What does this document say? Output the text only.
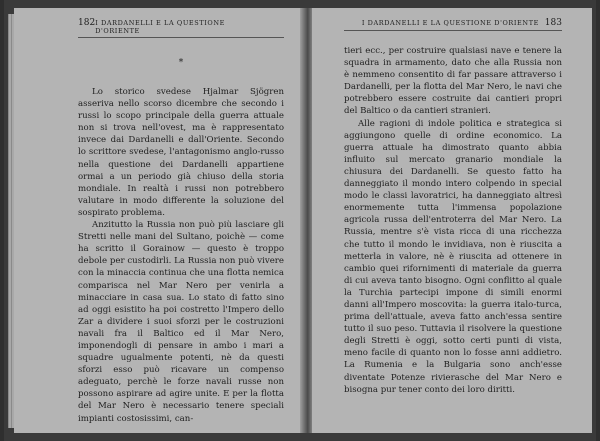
182 I DARDANELLI E LA QUESTIONE D'ORIENTE
*

Lo storico svedese Hjalmar Sjögren asseriva nello scorso dicembre che secondo i russi lo scopo principale della guerra attuale non si trova nell'ovest, ma è rappresentato invece dai Dardanelli e dall'Oriente. Secondo lo scrittore svedese, l'antagonismo anglo-russo nella questione dei Dardanelli appartiene ormai a un periodo già chiuso della storia mondiale. In realtà i russi non potrebbero valutare in modo differente la soluzione del sospirato problema.

Anzitutto la Russia non può più lasciare gli Stretti nelle mani del Sultano, poichè — come ha scritto il Gorainow — questo è troppo debole per custodirli. La Russia non può vivere con la minaccia continua che una flotta nemica comparisca nel Mar Nero per venirla a minacciare in casa sua. Lo stato di fatto sino ad oggi esistito ha poi costretto l'Impero dello Zar a dividere i suoi sforzi per le costruzioni navali fra il Baltico ed il Mar Nero, imponendogli di pensare in ambo i mari a squadre ugualmente potenti, nè da questi sforzi esso può ricavare un compenso adeguato, perchè le forze navali russe non possono aspirare ad agire unite. E per la flotta del Mar Nero è necessario tenere speciali impianti costosissimi, can-

I DARDANELLI E LA QUESTIONE D'ORIENTE 183

tieri ecc., per costruire qualsiasi nave e tenere la squadra in armamento, dato che alla Russia non è nemmeno consentito di far passare attraverso i Dardanelli, per la flotta del Mar Nero, le navi che potrebbero essere costruite dai cantieri propri del Baltico o da cantieri stranieri.

Alle ragioni di indole politica e strategica si aggiungono quelle di ordine economico. La guerra attuale ha dimostrato quanto abbia influito sul mercato granario mondiale la chiusura dei Dardanelli. Se questo fatto ha danneggiato il mondo intero colpendo in special modo le classi lavoratrici, ha danneggiato altresì enormemente tutta l'immensa popolazione agricola russa dell'entroterra del Mar Nero. La Russia, mentre s'è vista ricca di una ricchezza che tutto il mondo le invidiava, non è riuscita a metterla in valore, nè è riuscita ad ottenere in cambio quei rifornimenti di materiale da guerra di cui aveva tanto bisogno. Ogni conflitto al quale la Turchia partecipi impone di simili enormi danni all'Impero moscovita: la guerra italo-turca, prima dell'attuale, aveva fatto anch'essa sentire tutto il suo peso. Tuttavia il risolvere la questione degli Stretti è oggi, sotto certi punti di vista, meno facile di quanto non lo fosse anni addietro. La Rumenia e la Bulgaria sono anch'esse diventate Potenze rivierasche del Mar Nero e bisogna pur tener conto dei loro diritti.
